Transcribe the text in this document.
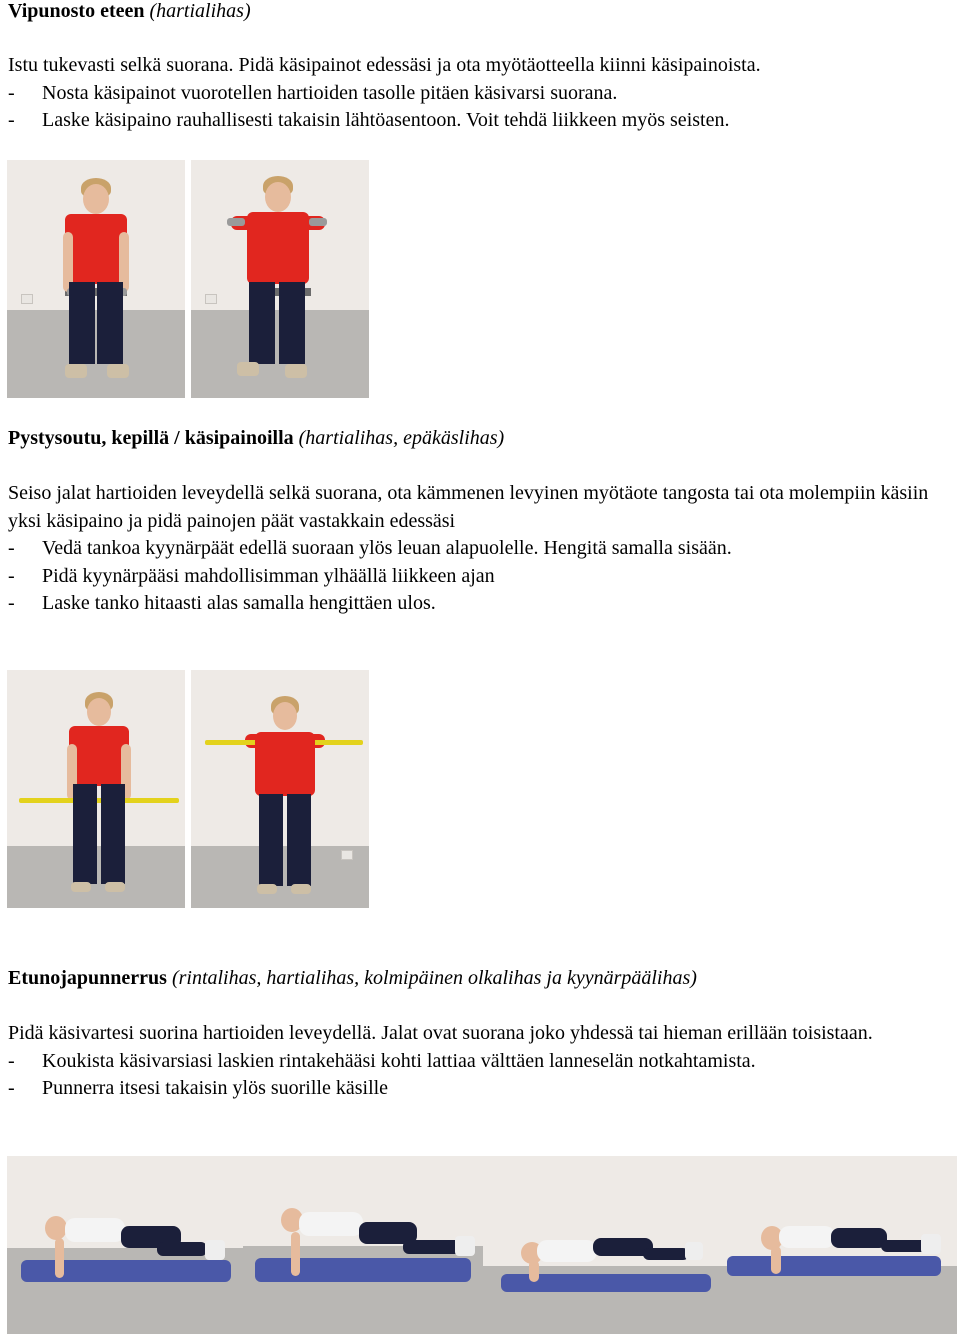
Vipunosto eteen (hartialihas)

Istu tukevasti selkä suorana. Pidä käsipainot edessäsi ja ota myötäotteella kiinni käsipainoista.

-	Nosta käsipainot vuorotellen hartioiden tasolle pitäen käsivarsi suorana.
-	Laske käsipaino rauhallisesti takaisin lähtöasentoon. Voit tehdä liikkeen myös seisten.

Pystysoutu, kepillä / käsipainoilla (hartialihas, epäkäslihas)

Seiso jalat hartioiden leveydellä selkä suorana, ota kämmenen levyinen myötäote tangosta tai ota molempiin käsiin yksi käsipaino ja pidä painojen päät vastakkain edessäsi

-	Vedä tankoa kyynärpäät edellä suoraan ylös leuan alapuolelle. Hengitä samalla sisään.
-	Pidä kyynärpääsi mahdollisimman ylhäällä liikkeen ajan
-	Laske tanko hitaasti alas samalla hengittäen ulos.

Etunojapunnerrus (rintalihas, hartialihas, kolmipäinen olkalihas ja kyynärpäälihas)

Pidä käsivartesi suorina hartioiden leveydellä. Jalat ovat suorana joko yhdessä tai hieman erillään toisistaan.

-	Koukista käsivarsiasi laskien rintakehääsi kohti lattiaa välttäen lanneselän notkahtamista.
-	Punnerra itsesi takaisin ylös suorille käsille
